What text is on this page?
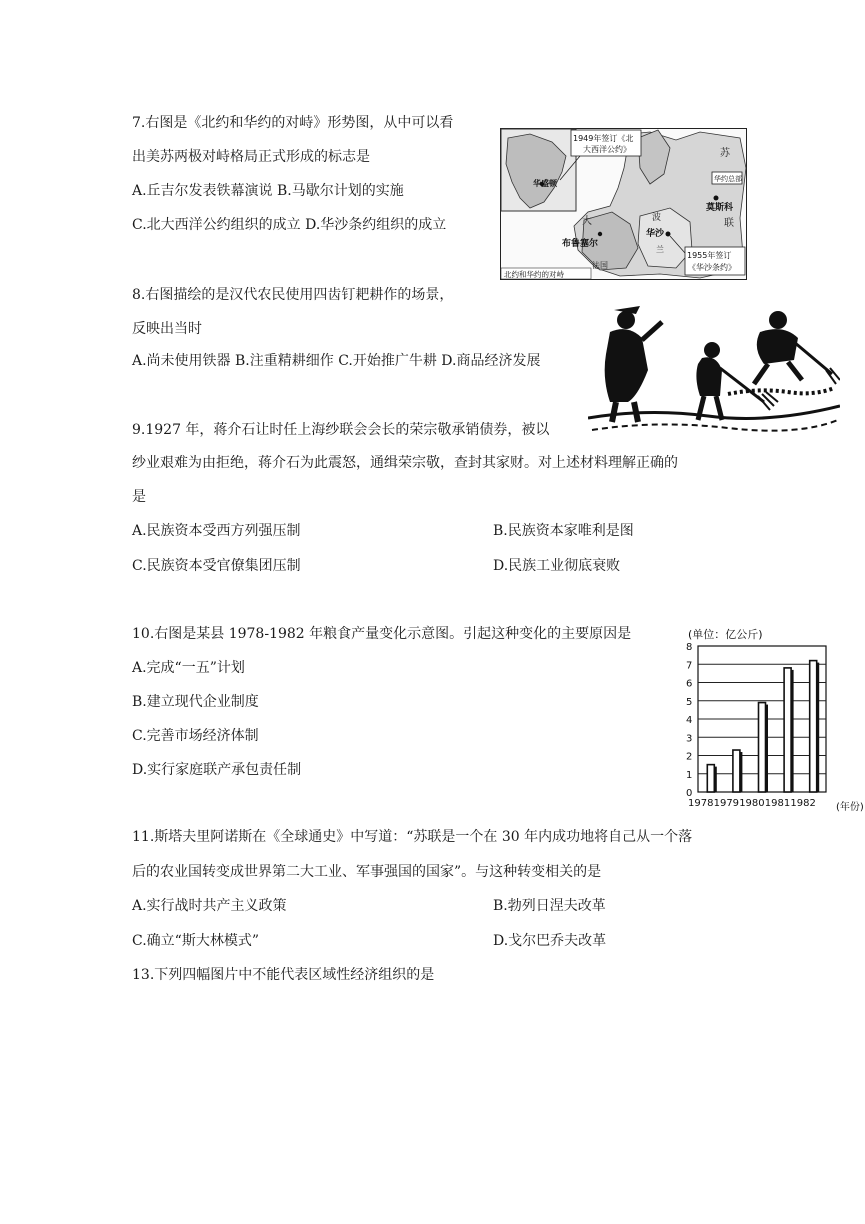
7.右图是《北约和华约的对峙》形势图，从中可以看
出美苏两极对峙格局正式形成的标志是
A.丘吉尔发表铁幕演说 B.马歇尔计划的实施
C.北大西洋公约组织的成立 D.华沙条约组织的成立
1949年签订《北
大西洋公约》
华约总部
1955年签订
《华沙条约》
华盛顿
莫斯科
华沙
布鲁塞尔
苏
联
法国
波
兰
大
北约和华约的对峙
8.右图描绘的是汉代农民使用四齿钉耙耕作的场景，
反映出当时
A.尚未使用铁器 B.注重精耕细作 C.开始推广牛耕 D.商品经济发展
9.1927 年，蒋介石让时任上海纱联会会长的荣宗敬承销债券，被以
纱业艰难为由拒绝，蒋介石为此震怒，通缉荣宗敬，查封其家财。对上述材料理解正确的
是
A.民族资本受西方列强压制	B.民族资本家唯利是图
C.民族资本受官僚集团压制	D.民族工业彻底衰败
10.右图是某县 1978-1982 年粮食产量变化示意图。引起这种变化的主要原因是
A.完成“一五”计划
B.建立现代企业制度
C.完善市场经济体制
D.实行家庭联产承包责任制
(单位：亿公斤)
(年份)
0
1
2
3
4
5
6
7
8
1978 1979 1980 1981 1982
11.斯塔夫里阿诺斯在《全球通史》中写道：“苏联是一个在 30 年内成功地将自己从一个落
后的农业国转变成世界第二大工业、军事强国的国家”。与这种转变相关的是
A.实行战时共产主义政策	B.勃列日涅夫改革
C.确立“斯大林模式”	D.戈尔巴乔夫改革
13.下列四幅图片中不能代表区域性经济组织的是
